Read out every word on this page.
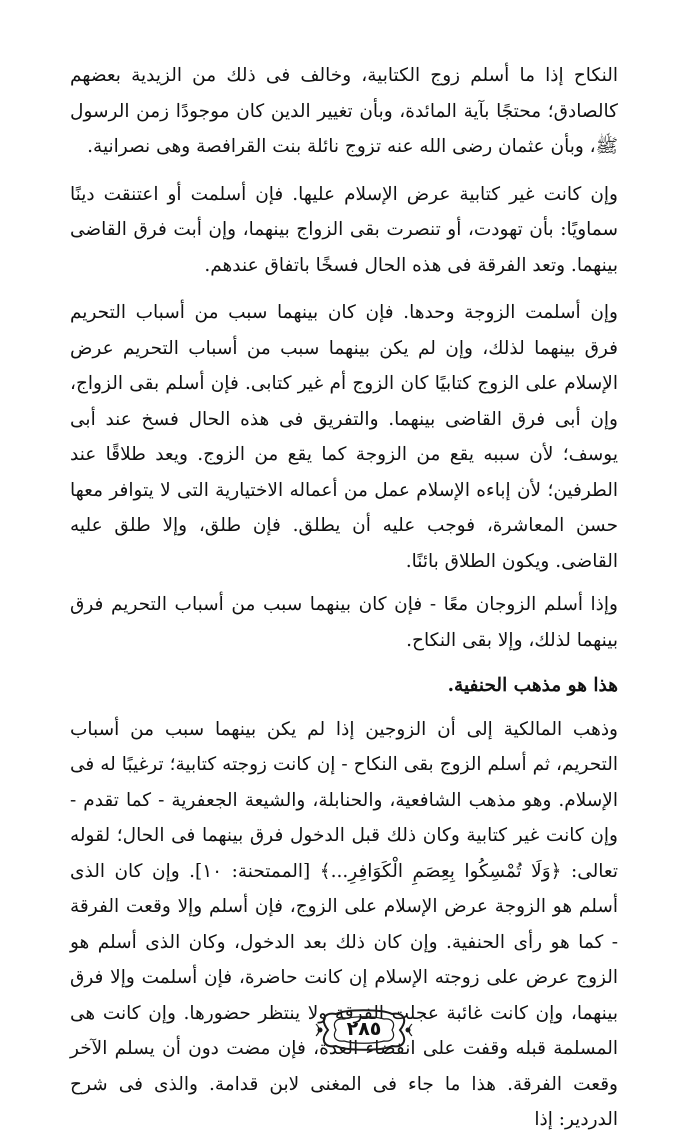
النكاح إذا ما أسلم زوج الكتابية، وخالف فى ذلك من الزيدية بعضهم كالصادق؛ محتجًا بآية المائدة، وبأن تغيير الدين كان موجودًا زمن الرسول ﷺ، وبأن عثمان رضى الله عنه تزوج نائلة بنت القرافصة وهى نصرانية.

وإن كانت غير كتابية عرض الإسلام عليها. فإن أسلمت أو اعتنقت دينًا سماويًا: بأن تهودت، أو تنصرت بقى الزواج بينهما، وإن أبت فرق القاضى بينهما. وتعد الفرقة فى هذه الحال فسخًا باتفاق عندهم.

وإن أسلمت الزوجة وحدها. فإن كان بينهما سبب من أسباب التحريم فرق بينهما لذلك، وإن لم يكن بينهما سبب من أسباب التحريم عرض الإسلام على الزوج كتابيًا كان الزوج أم غير كتابى. فإن أسلم بقى الزواج، وإن أبى فرق القاضى بينهما. والتفريق فى هذه الحال فسخ عند أبى يوسف؛ لأن سببه يقع من الزوجة كما يقع من الزوج. ويعد طلاقًا عند الطرفين؛ لأن إباءه الإسلام عمل من أعماله الاختيارية التى لا يتوافر معها حسن المعاشرة، فوجب عليه أن يطلق. فإن طلق، وإلا طلق عليه القاضى. ويكون الطلاق بائنًا.

وإذا أسلم الزوجان معًا - فإن كان بينهما سبب من أسباب التحريم فرق بينهما لذلك، وإلا بقى النكاح.

هذا هو مذهب الحنفية.

وذهب المالكية إلى أن الزوجين إذا لم يكن بينهما سبب من أسباب التحريم، ثم أسلم الزوج بقى النكاح - إن كانت زوجته كتابية؛ ترغيبًا له فى الإسلام. وهو مذهب الشافعية، والحنابلة، والشيعة الجعفرية - كما تقدم - وإن كانت غير كتابية وكان ذلك قبل الدخول فرق بينهما فى الحال؛ لقوله تعالى: ﴿وَلَا تُمْسِكُوا بِعِصَمِ الْكَوَافِرِ...﴾ [الممتحنة: ١٠]. وإن كان الذى أسلم هو الزوجة عرض الإسلام على الزوج، فإن أسلم وإلا وقعت الفرقة - كما هو رأى الحنفية. وإن كان ذلك بعد الدخول، وكان الذى أسلم هو الزوج عرض على زوجته الإسلام إن كانت حاضرة، فإن أسلمت وإلا فرق بينهما، وإن كانت غائبة عجلت الفرقة ولا ينتظر حضورها. وإن كانت هى المسلمة قبله وقفت على انقضاء العدة، فإن مضت دون أن يسلم الآخر وقعت الفرقة. هذا ما جاء فى المغنى لابن قدامة. والذى فى شرح الدردير: إذا

٢٨٥
